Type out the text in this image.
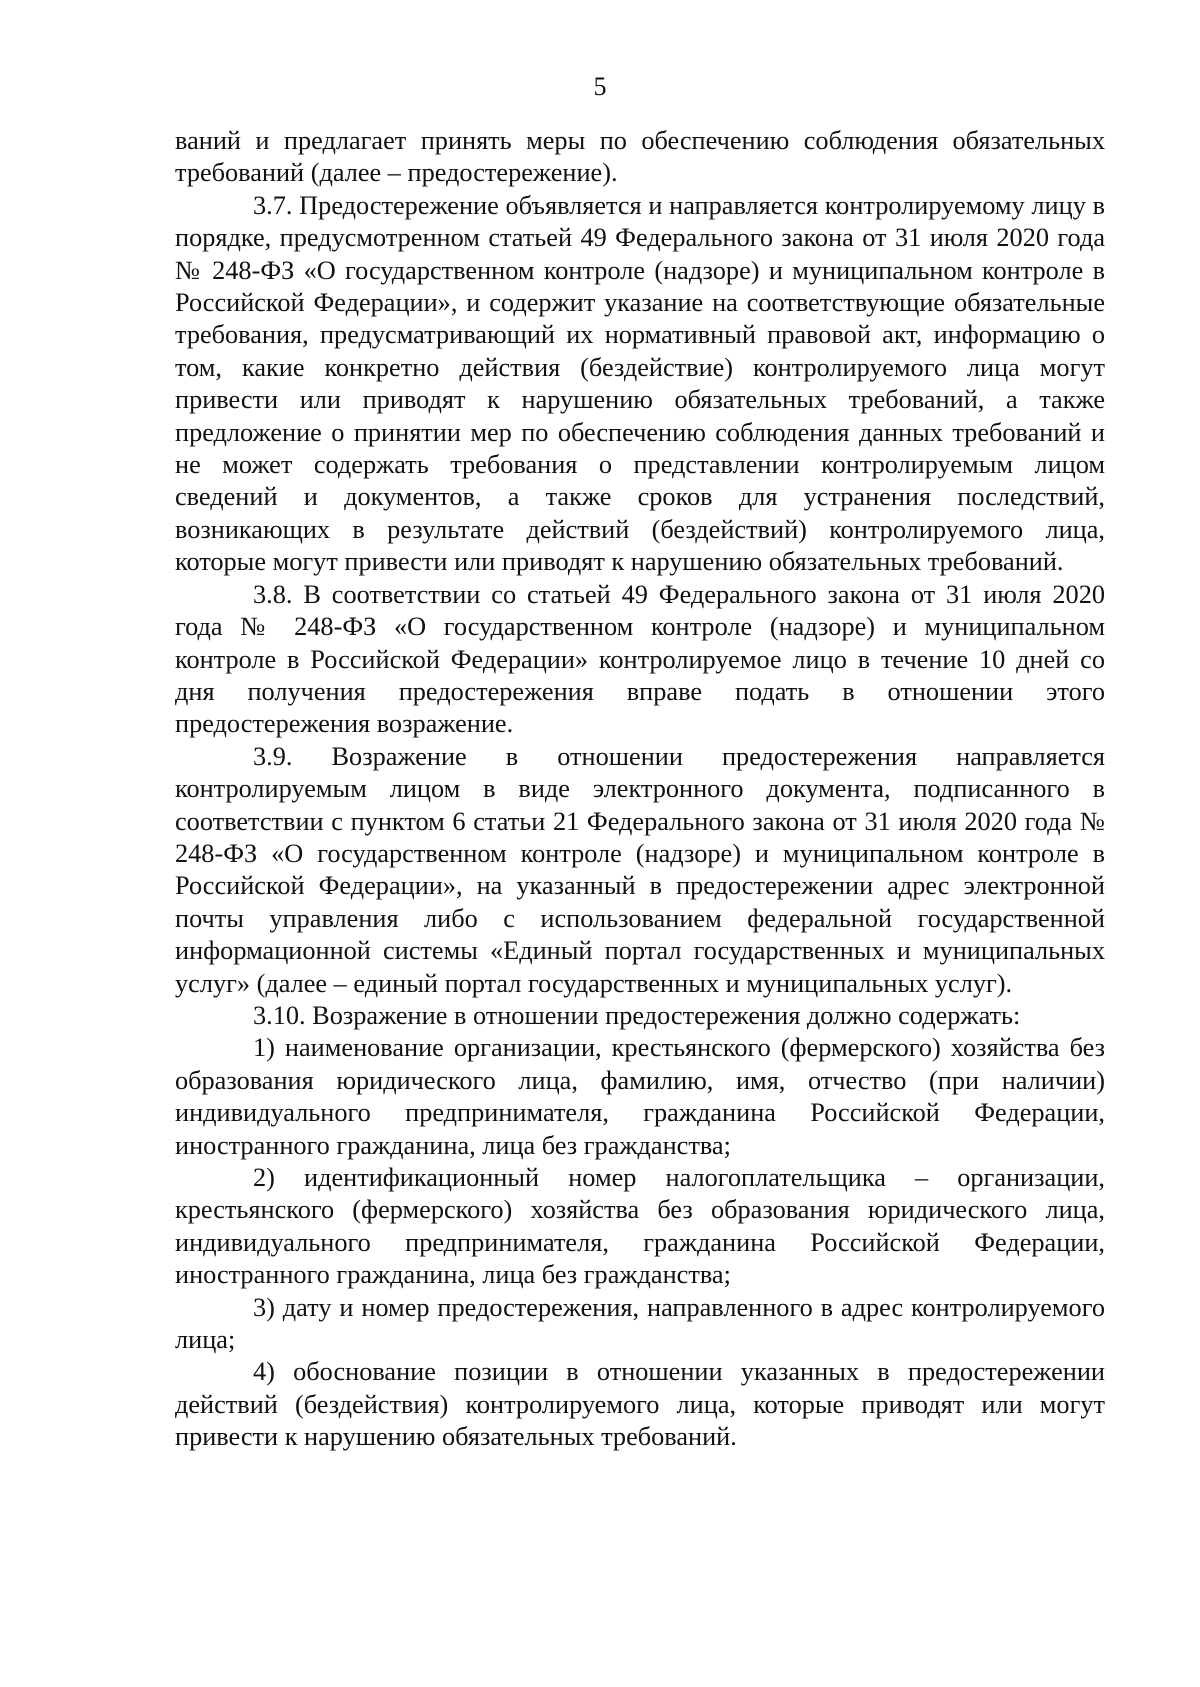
5

ваний и предлагает принять меры по обеспечению соблюдения обязательных требований (далее – предостережение).

3.7. Предостережение объявляется и направляется контролируемому лицу в порядке, предусмотренном статьей 49 Федерального закона от 31 июля 2020 года № 248-ФЗ «О государственном контроле (надзоре) и муниципальном контроле в Российской Федерации», и содержит указание на соответствующие обязательные требования, предусматривающий их нормативный правовой акт, информацию о том, какие конкретно действия (бездействие) контролируемого лица могут привести или приводят к нарушению обязательных требований, а также предложение о принятии мер по обеспечению соблюдения данных требований и не может содержать требования о представлении контролируемым лицом сведений и документов, а также сроков для устранения последствий, возникающих в результате действий (бездействий) контролируемого лица, которые могут привести или приводят к нарушению обязательных требований.

3.8. В соответствии со статьей 49 Федерального закона от 31 июля 2020 года № 248-ФЗ «О государственном контроле (надзоре) и муниципальном контроле в Российской Федерации» контролируемое лицо в течение 10 дней со дня получения предостережения вправе подать в отношении этого предостережения возражение.

3.9. Возражение в отношении предостережения направляется контролируемым лицом в виде электронного документа, подписанного в соответствии с пунктом 6 статьи 21 Федерального закона от 31 июля 2020 года № 248-ФЗ «О государственном контроле (надзоре) и муниципальном контроле в Российской Федерации», на указанный в предостережении адрес электронной почты управления либо с использованием федеральной государственной информационной системы «Единый портал государственных и муниципальных услуг» (далее – единый портал государственных и муниципальных услуг).

3.10. Возражение в отношении предостережения должно содержать:

1) наименование организации, крестьянского (фермерского) хозяйства без образования юридического лица, фамилию, имя, отчество (при наличии) индивидуального предпринимателя, гражданина Российской Федерации, иностранного гражданина, лица без гражданства;

2) идентификационный номер налогоплательщика – организации, крестьянского (фермерского) хозяйства без образования юридического лица, индивидуального предпринимателя, гражданина Российской Федерации, иностранного гражданина, лица без гражданства;

3) дату и номер предостережения, направленного в адрес контролируемого лица;

4) обоснование позиции в отношении указанных в предостережении действий (бездействия) контролируемого лица, которые приводят или могут привести к нарушению обязательных требований.
